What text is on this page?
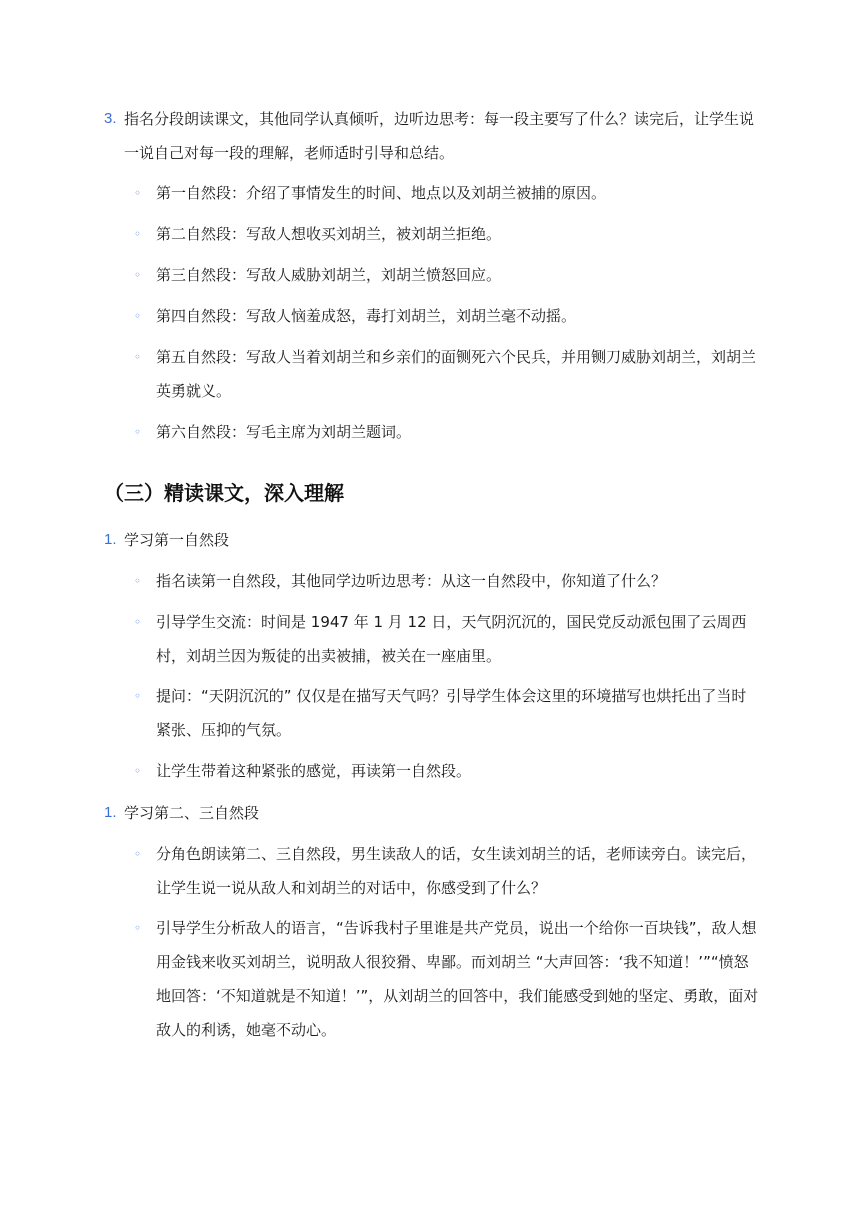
3. 指名分段朗读课文，其他同学认真倾听，边听边思考：每一段主要写了什么？读完后，让学生说一说自己对每一段的理解，老师适时引导和总结。
◦ 第一自然段：介绍了事情发生的时间、地点以及刘胡兰被捕的原因。
◦ 第二自然段：写敌人想收买刘胡兰，被刘胡兰拒绝。
◦ 第三自然段：写敌人威胁刘胡兰，刘胡兰愤怒回应。
◦ 第四自然段：写敌人恼羞成怒，毒打刘胡兰，刘胡兰毫不动摇。
◦ 第五自然段：写敌人当着刘胡兰和乡亲们的面铡死六个民兵，并用铡刀威胁刘胡兰，刘胡兰英勇就义。
◦ 第六自然段：写毛主席为刘胡兰题词。
（三）精读课文，深入理解
1. 学习第一自然段
◦ 指名读第一自然段，其他同学边听边思考：从这一自然段中，你知道了什么？
◦ 引导学生交流：时间是 1947 年 1 月 12 日，天气阴沉沉的，国民党反动派包围了云周西村，刘胡兰因为叛徒的出卖被捕，被关在一座庙里。
◦ 提问：“天阴沉沉的” 仅仅是在描写天气吗？引导学生体会这里的环境描写也烘托出了当时紧张、压抑的气氛。
◦ 让学生带着这种紧张的感觉，再读第一自然段。
1. 学习第二、三自然段
◦ 分角色朗读第二、三自然段，男生读敌人的话，女生读刘胡兰的话，老师读旁白。读完后，让学生说一说从敌人和刘胡兰的对话中，你感受到了什么？
◦ 引导学生分析敌人的语言，“告诉我村子里谁是共产党员，说出一个给你一百块钱”，敌人想用金钱来收买刘胡兰，说明敌人很狡猾、卑鄙。而刘胡兰 “大声回答：‘我不知道！’”“愤怒地回答：‘不知道就是不知道！’”，从刘胡兰的回答中，我们能感受到她的坚定、勇敢，面对敌人的利诱，她毫不动心。
